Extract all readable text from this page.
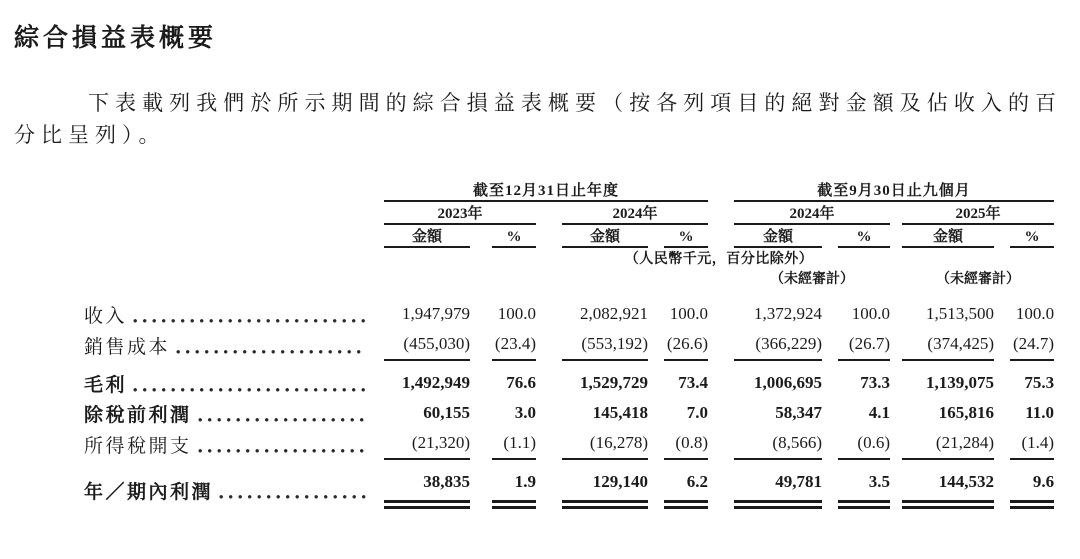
綜合損益表概要

下表載列我們於所示期間的綜合損益表概要（按各列項目的絕對金額及佔收入的百分比呈列）。

	截至12月31日止年度								截至9月30日止九個月						
	2023年				2024年				2024年				2025年		
	金額		%		金額		%		金額		%		金額		%
	（人民幣千元，百分比除外）														
									（未經審計）				（未經審計）		

收入	1,947,979		100.0		2,082,921		100.0		1,372,924		100.0		1,513,500		100.0

銷售成本	(455,030)		(23.4)		(553,192)		(26.6)		(366,229)		(26.7)		(374,425)		(24.7)

毛利	1,492,949		76.6		1,529,729		73.4		1,006,695		73.3		1,139,075		75.3

除稅前利潤	60,155		3.0		145,418		7.0		58,347		4.1		165,816		11.0

所得稅開支	(21,320)		(1.1)		(16,278)		(0.8)		(8,566)		(0.6)		(21,284)		(1.4)

年／期內利潤	38,835		1.9		129,140		6.2		49,781		3.5		144,532		9.6
